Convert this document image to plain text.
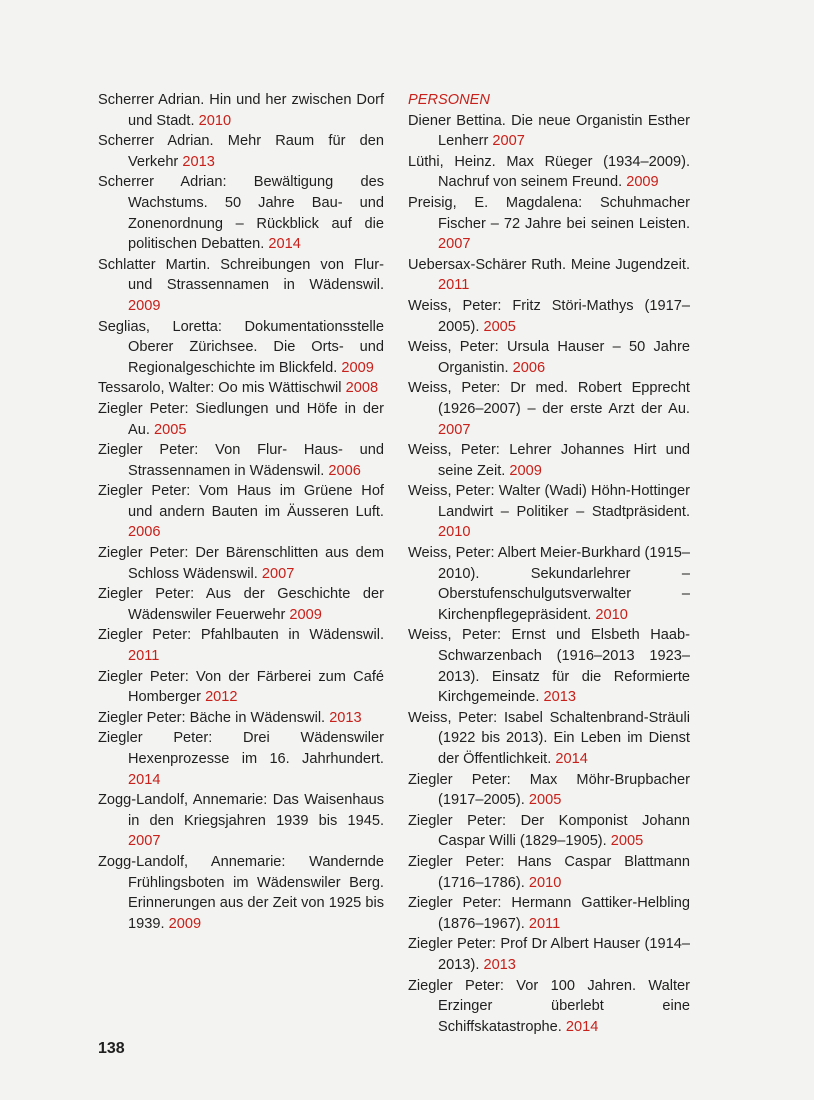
Scherrer Adrian. Hin und her zwischen Dorf und Stadt. 2010

Scherrer Adrian. Mehr Raum für den Verkehr 2013

Scherrer Adrian: Bewältigung des Wachstums. 50 Jahre Bau- und Zonenordnung – Rückblick auf die politischen Debatten. 2014

Schlatter Martin. Schreibungen von Flur- und Strassennamen in Wädenswil. 2009

Seglias, Loretta: Dokumentationsstelle Oberer Zürichsee. Die Orts- und Regionalgeschichte im Blickfeld. 2009

Tessarolo, Walter: Oo mis Wättischwil 2008

Ziegler Peter: Siedlungen und Höfe in der Au. 2005

Ziegler Peter: Von Flur- Haus- und Strassennamen in Wädenswil. 2006

Ziegler Peter: Vom Haus im Grüene Hof und andern Bauten im Äusseren Luft. 2006

Ziegler Peter: Der Bärenschlitten aus dem Schloss Wädenswil. 2007

Ziegler Peter: Aus der Geschichte der Wädenswiler Feuerwehr 2009

Ziegler Peter: Pfahlbauten in Wädenswil. 2011

Ziegler Peter: Von der Färberei zum Café Homberger 2012

Ziegler Peter: Bäche in Wädenswil. 2013

Ziegler Peter: Drei Wädenswiler Hexenprozesse im 16. Jahrhundert. 2014

Zogg-Landolf, Annemarie: Das Waisenhaus in den Kriegsjahren 1939 bis 1945. 2007

Zogg-Landolf, Annemarie: Wandernde Frühlingsboten im Wädenswiler Berg. Erinnerungen aus der Zeit von 1925 bis 1939. 2009

PERSONEN

Diener Bettina. Die neue Organistin Esther Lenherr 2007

Lüthi, Heinz. Max Rüeger (1934–2009). Nachruf von seinem Freund. 2009

Preisig, E. Magdalena: Schuhmacher Fischer – 72 Jahre bei seinen Leisten. 2007

Uebersax-Schärer Ruth. Meine Jugendzeit. 2011

Weiss, Peter: Fritz Störi-Mathys (1917–2005). 2005

Weiss, Peter: Ursula Hauser – 50 Jahre Organistin. 2006

Weiss, Peter: Dr med. Robert Epprecht (1926–2007) – der erste Arzt der Au. 2007

Weiss, Peter: Lehrer Johannes Hirt und seine Zeit. 2009

Weiss, Peter: Walter (Wadi) Höhn-Hottinger Landwirt – Politiker – Stadtpräsident. 2010

Weiss, Peter: Albert Meier-Burkhard (1915–2010). Sekundarlehrer – Oberstufenschulgutsverwalter – Kirchenpflegepräsident. 2010

Weiss, Peter: Ernst und Elsbeth Haab-Schwarzenbach (1916–2013 1923–2013). Einsatz für die Reformierte Kirchgemeinde. 2013

Weiss, Peter: Isabel Schaltenbrand-Sträuli (1922 bis 2013). Ein Leben im Dienst der Öffentlichkeit. 2014

Ziegler Peter: Max Möhr-Brupbacher (1917–2005). 2005

Ziegler Peter: Der Komponist Johann Caspar Willi (1829–1905). 2005

Ziegler Peter: Hans Caspar Blattmann (1716–1786). 2010

Ziegler Peter: Hermann Gattiker-Helbling (1876–1967). 2011

Ziegler Peter: Prof Dr Albert Hauser (1914–2013). 2013

Ziegler Peter: Vor 100 Jahren. Walter Erzinger überlebt eine Schiffskatastrophe. 2014

138
